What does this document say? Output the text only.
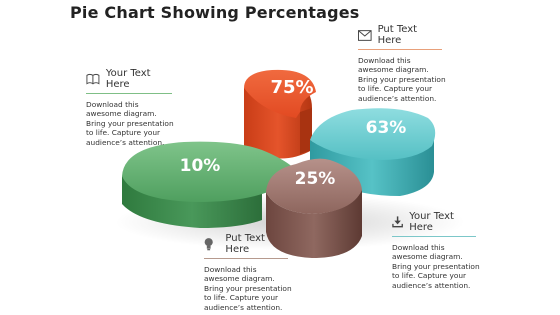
Pie Chart Showing Percentages
75%
63%
10%
25%
Put Text Here
Download this
awesome diagram.
Bring your presentation
to life. Capture your
audience’s attention.
Your Text Here
Download this
awesome diagram.
Bring your presentation
to life. Capture your
audience’s attention.
Put Text Here
Download this
awesome diagram.
Bring your presentation
to life. Capture your
audience’s attention.
Your Text Here
Download this
awesome diagram.
Bring your presentation
to life. Capture your
audience’s attention.
